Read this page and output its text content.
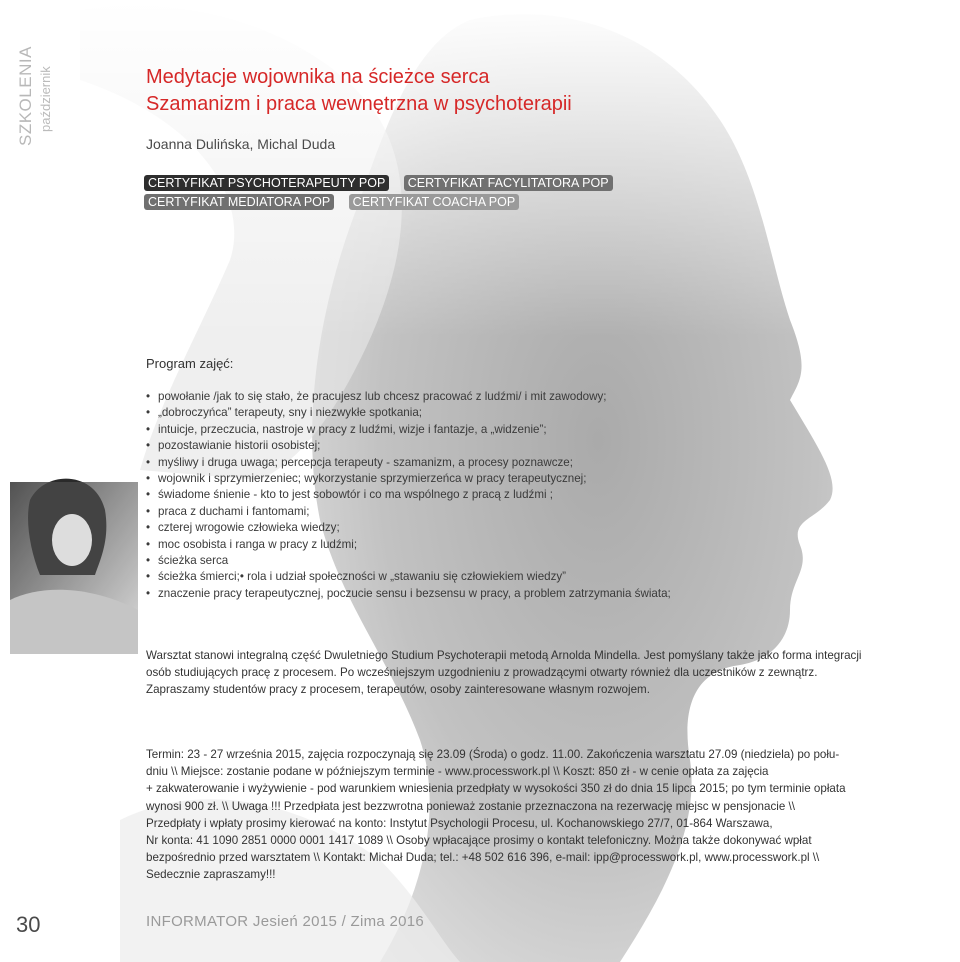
SZKOLENIA październik	Medytacje wojownika na ścieżce serca
Szamanizm i praca wewnętrzna w psychoterapii
Joanna Dulińska, Michal Duda
CERTYFIKAT PSYCHOTERAPEUTY POP CERTYFIKAT FACYLITATORA POP
CERTYFIKAT MEDIATORA POP CERTYFIKAT COACHA POP
Program zajęć:
• powołanie /jak to się stało, że pracujesz lub chcesz pracować z ludźmi/ i mit zawodowy;
• „dobroczyńca” terapeuty, sny i niezwykłe spotkania;
• intuicje, przeczucia, nastroje w pracy z ludźmi, wizje i fantazje, a „widzenie”;
• pozostawianie historii osobistej;
• myśliwy i druga uwaga; percepcja terapeuty - szamanizm, a procesy poznawcze;
• wojownik i sprzymierzeniec; wykorzystanie sprzymierzeńca w pracy terapeutycznej;
• świadome śnienie - kto to jest sobowtór i co ma wspólnego z pracą z ludźmi ;
• praca z duchami i fantomami;
• czterej wrogowie człowieka wiedzy;
• moc osobista i ranga w pracy z ludźmi;
• ścieżka serca
• ścieżka śmierci;• rola i udział społeczności w „stawaniu się człowiekiem wiedzy”
• znaczenie pracy terapeutycznej, poczucie sensu i bezsensu w pracy, a problem zatrzymania świata;

Warsztat stanowi integralną część Dwuletniego Studium Psychoterapii metodą Arnolda Mindella. Jest pomyślany także jako forma integracji

osób studiujących pracę z procesem. Po wcześniejszym uzgodnieniu z prowadzącymi otwarty również dla uczestników z zewnątrz.

Zapraszamy studentów pracy z procesem, terapeutów, osoby zainteresowane własnym rozwojem.

Termin: 23 - 27 września 2015, zajęcia rozpoczynają się 23.09 (Środa) o godz. 11.00. Zakończenia warsztatu 27.09 (niedziela) po połu-

dniu \\ Miejsce: zostanie podane w późniejszym terminie - www.processwork.pl \\ Koszt: 850 zł - w cenie opłata za zajęcia

+ zakwaterowanie i wyżywienie - pod warunkiem wniesienia przedpłaty w wysokości 350 zł do dnia 15 lipca 2015; po tym terminie opłata

wynosi 900 zł. \\ Uwaga !!! Przedpłata jest bezzwrotna ponieważ zostanie przeznaczona na rezerwację miejsc w pensjonacie \\

Przedpłaty i wpłaty prosimy kierować na konto: Instytut Psychologii Procesu, ul. Kochanowskiego 27/7, 01-864 Warszawa,

Nr konta: 41 1090 2851 0000 0001 1417 1089 \\ Osoby wpłacające prosimy o kontakt telefoniczny. Można także dokonywać wpłat

bezpośrednio przed warsztatem \\ Kontakt: Michał Duda; tel.: +48 502 616 396, e-mail: ipp@processwork.pl, www.processwork.pl \\

Sedecznie zapraszamy!!!

30	INFORMATOR Jesień 2015 / Zima 2016
